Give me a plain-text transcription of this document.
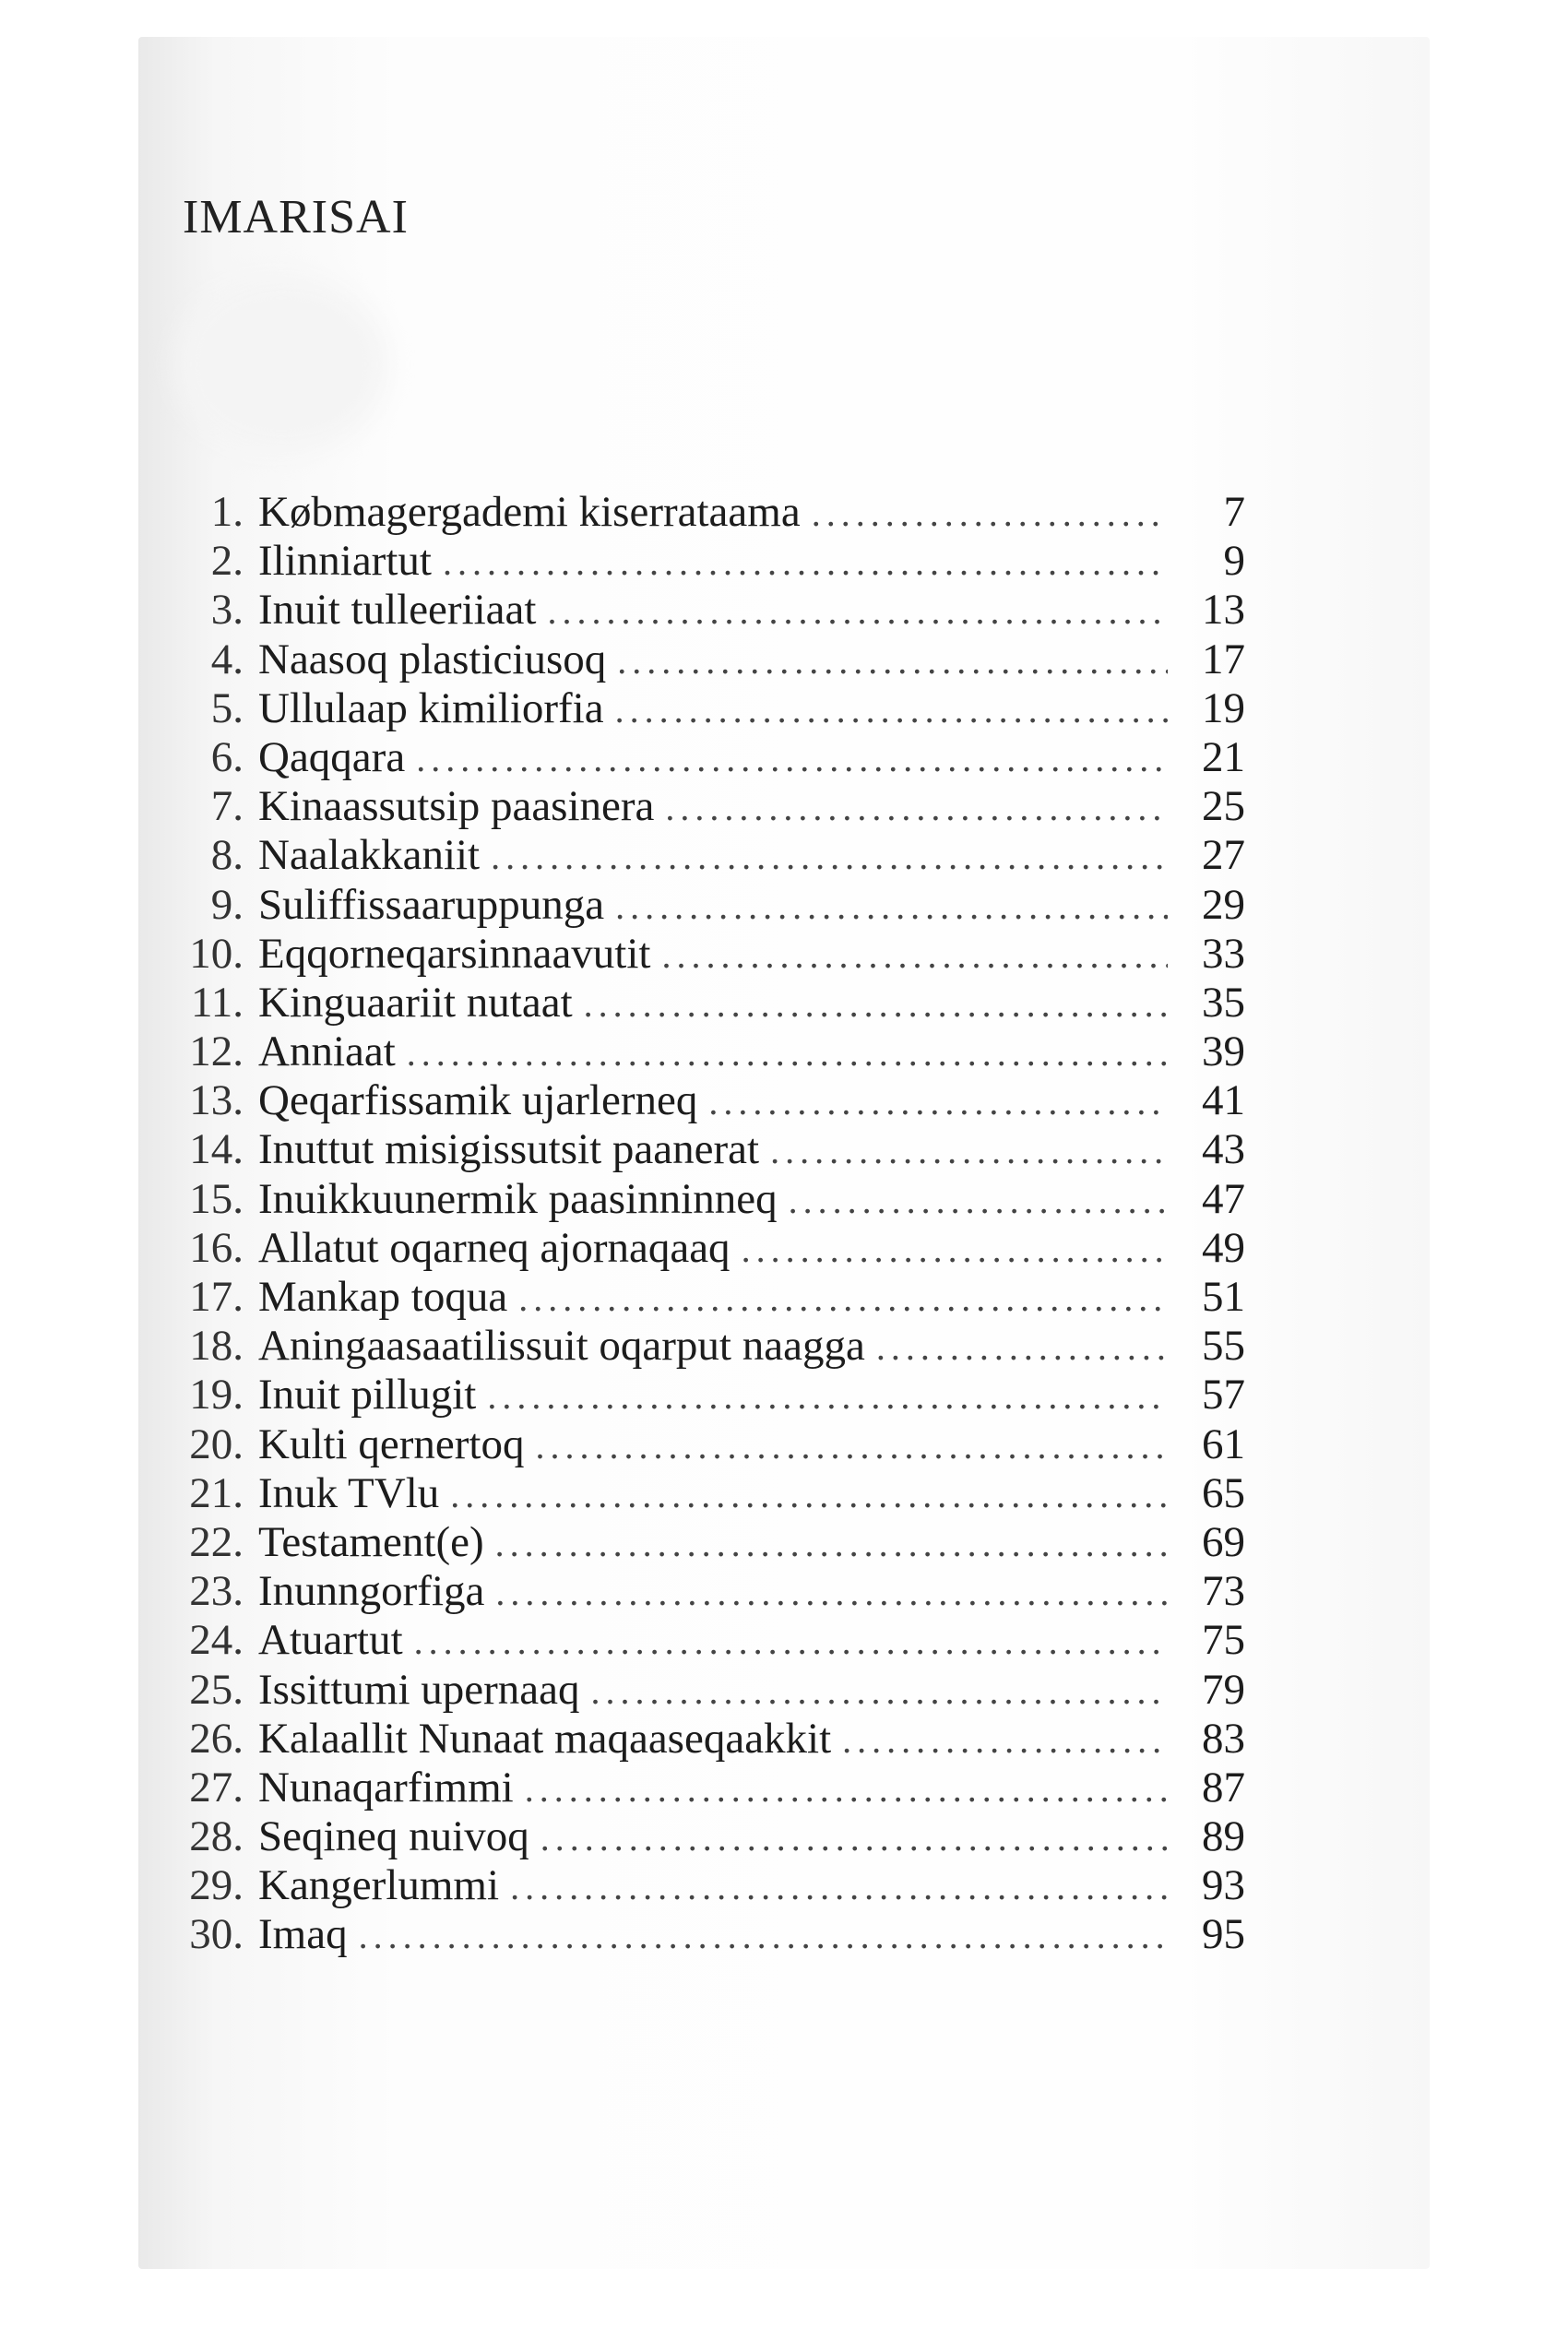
IMARISAI
1. Købmagergademi kiserrataama . . .	7
2. Ilinniartut . . .	9
3. Inuit tulleeriiaat . . .	13
4. Naasoq plasticiusoq . . .	17
5. Ullulaap kimiliorfia . . .	19
6. Qaqqara . . .	21
7. Kinaassutsip paasinera . . .	25
8. Naalakkaniit . . .	27
9. Suliffissaaruppunga . . .	29
10. Eqqorneqarsinnaavutit . . .	33
11. Kinguaariit nutaat . . .	35
12. Anniaat . . .	39
13. Qeqarfissamik ujarlerneq . . .	41
14. Inuttut misigissutsit paanerat . . .	43
15. Inuikkuunermik paasinninneq . . .	47
16. Allatut oqarneq ajornaqaaq . . .	49
17. Mankap toqua . . .	51
18. Aningaasaatilissuit oqarput naagga . . .	55
19. Inuit pillugit . . .	57
20. Kulti qernertoq . . .	61
21. Inuk TVlu . . .	65
22. Testament(e) . . .	69
23. Inunngorfiga . . .	73
24. Atuartut . . .	75
25. Issittumi upernaaq . . .	79
26. Kalaallit Nunaat maqaaseqaakkit . . .	83
27. Nunaqarfimmi . . .	87
28. Seqineq nuivoq . . .	89
29. Kangerlummi . . .	93
30. Imaq . . .	95
